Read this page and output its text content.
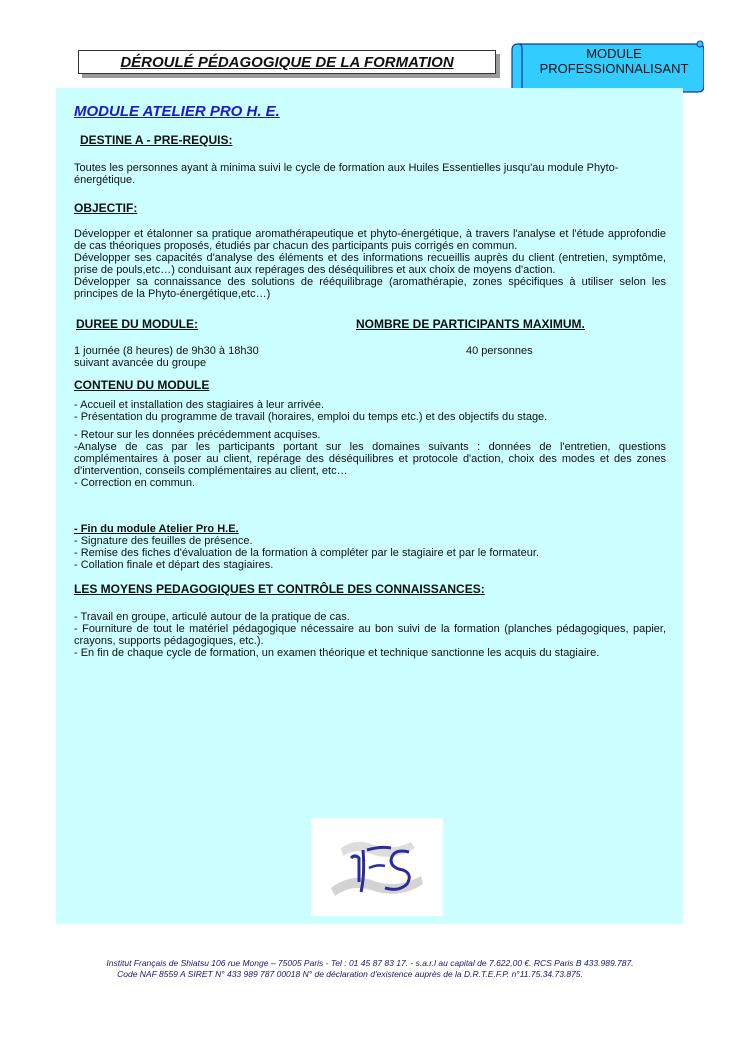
DÉROULÉ PÉDAGOGIQUE DE LA FORMATION	MODULE
PROFESSIONNALISANT
MODULE ATELIER PRO H. E.
DESTINE A - PRE-REQUIS:

Toutes les personnes ayant à minima suivi le cycle de formation aux Huiles Essentielles jusqu'au module Phyto-énergétique.

OBJECTIF:

Développer et étalonner sa pratique aromathérapeutique et phyto-énergétique, à travers l'analyse et l'étude approfondie de cas théoriques proposés, étudiés par chacun des participants puis corrigés en commun.

Développer ses capacités d'analyse des éléments et des informations recueillis auprès du client (entretien, symptôme, prise de pouls,etc…) conduisant aux repérages des déséquilibres et aux choix de moyens d'action.

Développer sa connaissance des solutions de rééquilibrage (aromathérapie, zones spécifiques à utiliser selon les principes de la Phyto-énergétique,etc…)

DUREE DU MODULE:	NOMBRE DE PARTICIPANTS MAXIMUM.
1 journée (8 heures) de 9h30 à 18h30
suivant avancée du groupe
40 personnes
CONTENU DU MODULE

- Accueil et installation des stagiaires à leur arrivée.

- Présentation du programme de travail (horaires, emploi du temps etc.) et des objectifs du stage.

- Retour sur les données précédemment acquises.

-Analyse de cas par les participants portant sur les domaines suivants : données de l'entretien, questions complémentaires à poser au client, repérage des déséquilibres et protocole d'action, choix des modes et des zones d'intervention, conseils complémentaires au client, etc…

- Correction en commun.

- Fin du module Atelier Pro H.E.

- Signature des feuilles de présence.

- Remise des fiches d'évaluation de la formation à compléter par le stagiaire et par le formateur.

- Collation finale et départ des stagiaires.

LES MOYENS PEDAGOGIQUES ET CONTRÔLE DES CONNAISSANCES:

- Travail en groupe, articulé autour de la pratique de cas.

- Fourniture de tout le matériel pédagogique nécessaire au bon suivi de la formation (planches pédagogiques, papier, crayons, supports pédagogiques, etc.).

- En fin de chaque cycle de formation, un examen théorique et technique sanctionne les acquis du stagiaire.

Institut Français de Shiatsu 106 rue Monge – 75005 Paris - Tel : 01 45 87 83 17. - s.a.r.l au capital de 7.622,00 €. RCS Paris B 433.989.787.
Code NAF 8559 A SIRET N° 433 989 787 00018 N° de déclaration d'existence auprès de la D.R.T.E.F.P. n°11.75.34.73.875.
